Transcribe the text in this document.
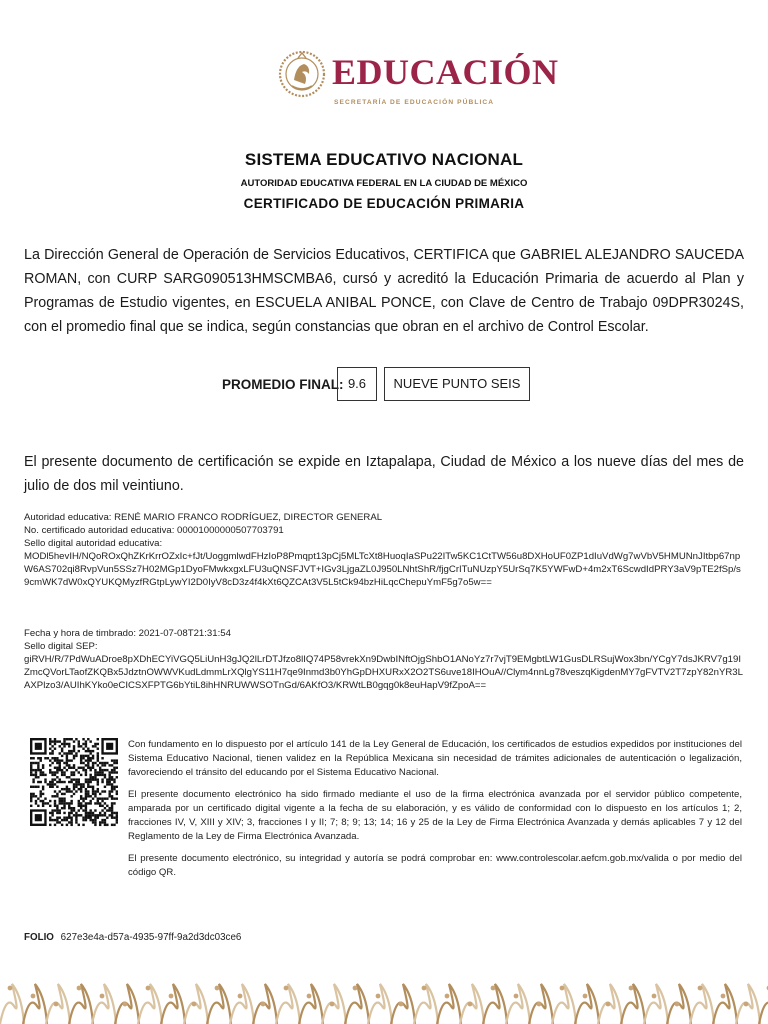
EDUCACIÓN
SECRETARÍA DE EDUCACIÓN PÚBLICA
SISTEMA EDUCATIVO NACIONAL
AUTORIDAD EDUCATIVA FEDERAL EN LA CIUDAD DE MÉXICO
CERTIFICADO DE EDUCACIÓN PRIMARIA
La Dirección General de Operación de Servicios Educativos, CERTIFICA que GABRIEL ALEJANDRO SAUCEDA ROMAN, con CURP SARG090513HMSCMBA6, cursó y acreditó la Educación Primaria de acuerdo al Plan y Programas de Estudio vigentes, en ESCUELA ANIBAL PONCE, con Clave de Centro de Trabajo 09DPR3024S, con el promedio final que se indica, según constancias que obran en el archivo de Control Escolar.
PROMEDIO FINAL: 9.6	NUEVE PUNTO SEIS
El presente documento de certificación se expide en Iztapalapa, Ciudad de México a los nueve días del mes de julio de dos mil veintiuno.
Autoridad educativa: RENÉ MARIO FRANCO RODRÍGUEZ, DIRECTOR GENERAL
No. certificado autoridad educativa: 00001000000507703791
Sello digital autoridad educativa:
MODl5hevIH/NQoROxQhZKrKrrOZxIc+fJt/UoggmlwdFHzIoP8Pmqpt13pCj5MLTcXt8HuoqIaSPu22ITw5KC1CtTW56u8DXHoUF0ZP1dIuVdWg7wVbV5HMUNnJItbp67npW6AS702qi8RvpVun5SSz7H02MGp1DyoFMwkxgxLFU3uQNSFJVT+IGv3LjgaZL0J950LNhtShR/fjgCrITuNUzpY5UrSq7K5YWFwD+4m2xT6ScwdIdPRY3aV9pTE2fSp/s9cmWK7dW0xQYUKQMyzfRGtpLywYI2D0IyV8cD3z4f4kXt6QZCAt3V5L5tCk94bzHiLqcChepuYmF5g7o5w==
Fecha y hora de timbrado: 2021-07-08T21:31:54
Sello digital SEP:
giRVH/R/7PdWuADroe8pXDhECYiVGQ5LiUnH3gJQ2lLrDTJfzo8lIQ74P58vrekXn9DwbINftOjgShbO1ANoYz7r7vjT9EMgbtLW1GusDLRSujWox3bn/YCgY7dsJKRV7g19IZmcQVorLTaofZKQBx5JdztnOWWVKudLdmmLrXQlgYS11H7qe9Inmd3b0YhGpDHXURxX2O2TS6uve18IHOuA//Clym4nnLg78veszqKigdenMY7gFVTV2T7zpY82nYR3LAXPlzo3/AUIhKYko0eCICSXFPTG6bYtiL8ihHNRUWWSOTnGd/6AKfO3/KRWtLB0gqg0k8euHapV9fZpoA==

Con fundamento en lo dispuesto por el artículo 141 de la Ley General de Educación, los certificados de estudios expedidos por instituciones del Sistema Educativo Nacional, tienen validez en la República Mexicana sin necesidad de trámites adicionales de autenticación o legalización, favoreciendo el tránsito del educando por el Sistema Educativo Nacional.

El presente documento electrónico ha sido firmado mediante el uso de la firma electrónica avanzada por el servidor público competente, amparada por un certificado digital vigente a la fecha de su elaboración, y es válido de conformidad con lo dispuesto en los artículos 1; 2, fracciones IV, V, XIII y XIV; 3, fracciones I y II; 7; 8; 9; 13; 14; 16 y 25 de la Ley de Firma Electrónica Avanzada y demás aplicables 7 y 12 del Reglamento de la Ley de Firma Electrónica Avanzada.

El presente documento electrónico, su integridad y autoría se podrá comprobar en: www.controlescolar.aefcm.gob.mx/valida o por medio del código QR.

FOLIO 627e3e4a-d57a-4935-97ff-9a2d3dc03ce6
